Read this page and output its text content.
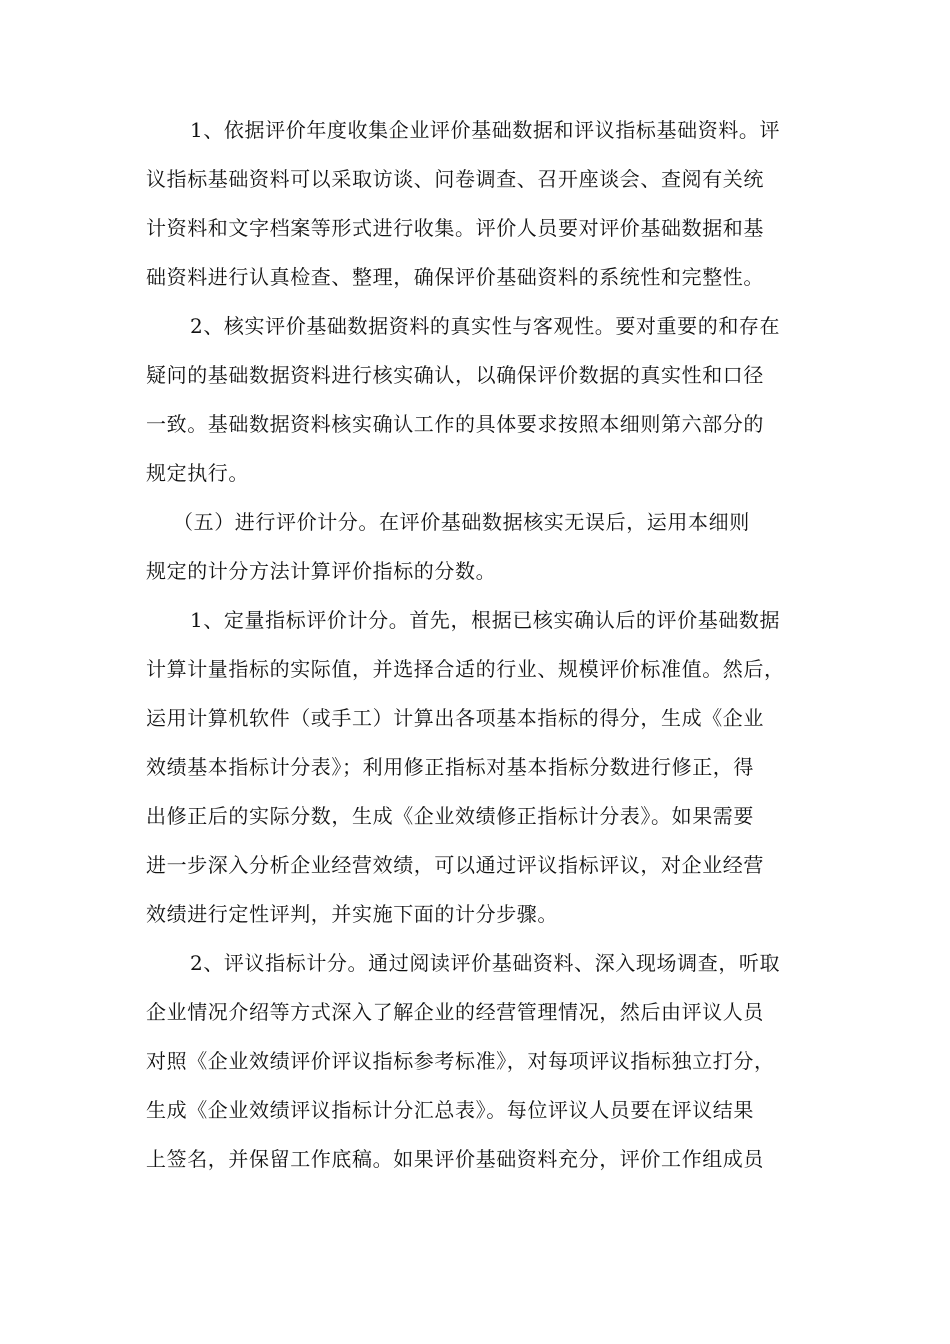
1、依据评价年度收集企业评价基础数据和评议指标基础资料。评
议指标基础资料可以采取访谈、问卷调查、召开座谈会、查阅有关统
计资料和文字档案等形式进行收集。评价人员要对评价基础数据和基
础资料进行认真检查、整理，确保评价基础资料的系统性和完整性。
2、核实评价基础数据资料的真实性与客观性。要对重要的和存在
疑问的基础数据资料进行核实确认，以确保评价数据的真实性和口径
一致。基础数据资料核实确认工作的具体要求按照本细则第六部分的
规定执行。
（五）进行评价计分。在评价基础数据核实无误后，运用本细则
规定的计分方法计算评价指标的分数。
1、定量指标评价计分。首先，根据已核实确认后的评价基础数据
计算计量指标的实际值，并选择合适的行业、规模评价标准值。然后，
运用计算机软件（或手工）计算出各项基本指标的得分，生成《企业
效绩基本指标计分表》；利用修正指标对基本指标分数进行修正，得
出修正后的实际分数，生成《企业效绩修正指标计分表》。如果需要
进一步深入分析企业经营效绩，可以通过评议指标评议，对企业经营
效绩进行定性评判，并实施下面的计分步骤。
2、评议指标计分。通过阅读评价基础资料、深入现场调查，听取
企业情况介绍等方式深入了解企业的经营管理情况，然后由评议人员
对照《企业效绩评价评议指标参考标准》，对每项评议指标独立打分，
生成《企业效绩评议指标计分汇总表》。每位评议人员要在评议结果
上签名，并保留工作底稿。如果评价基础资料充分，评价工作组成员
